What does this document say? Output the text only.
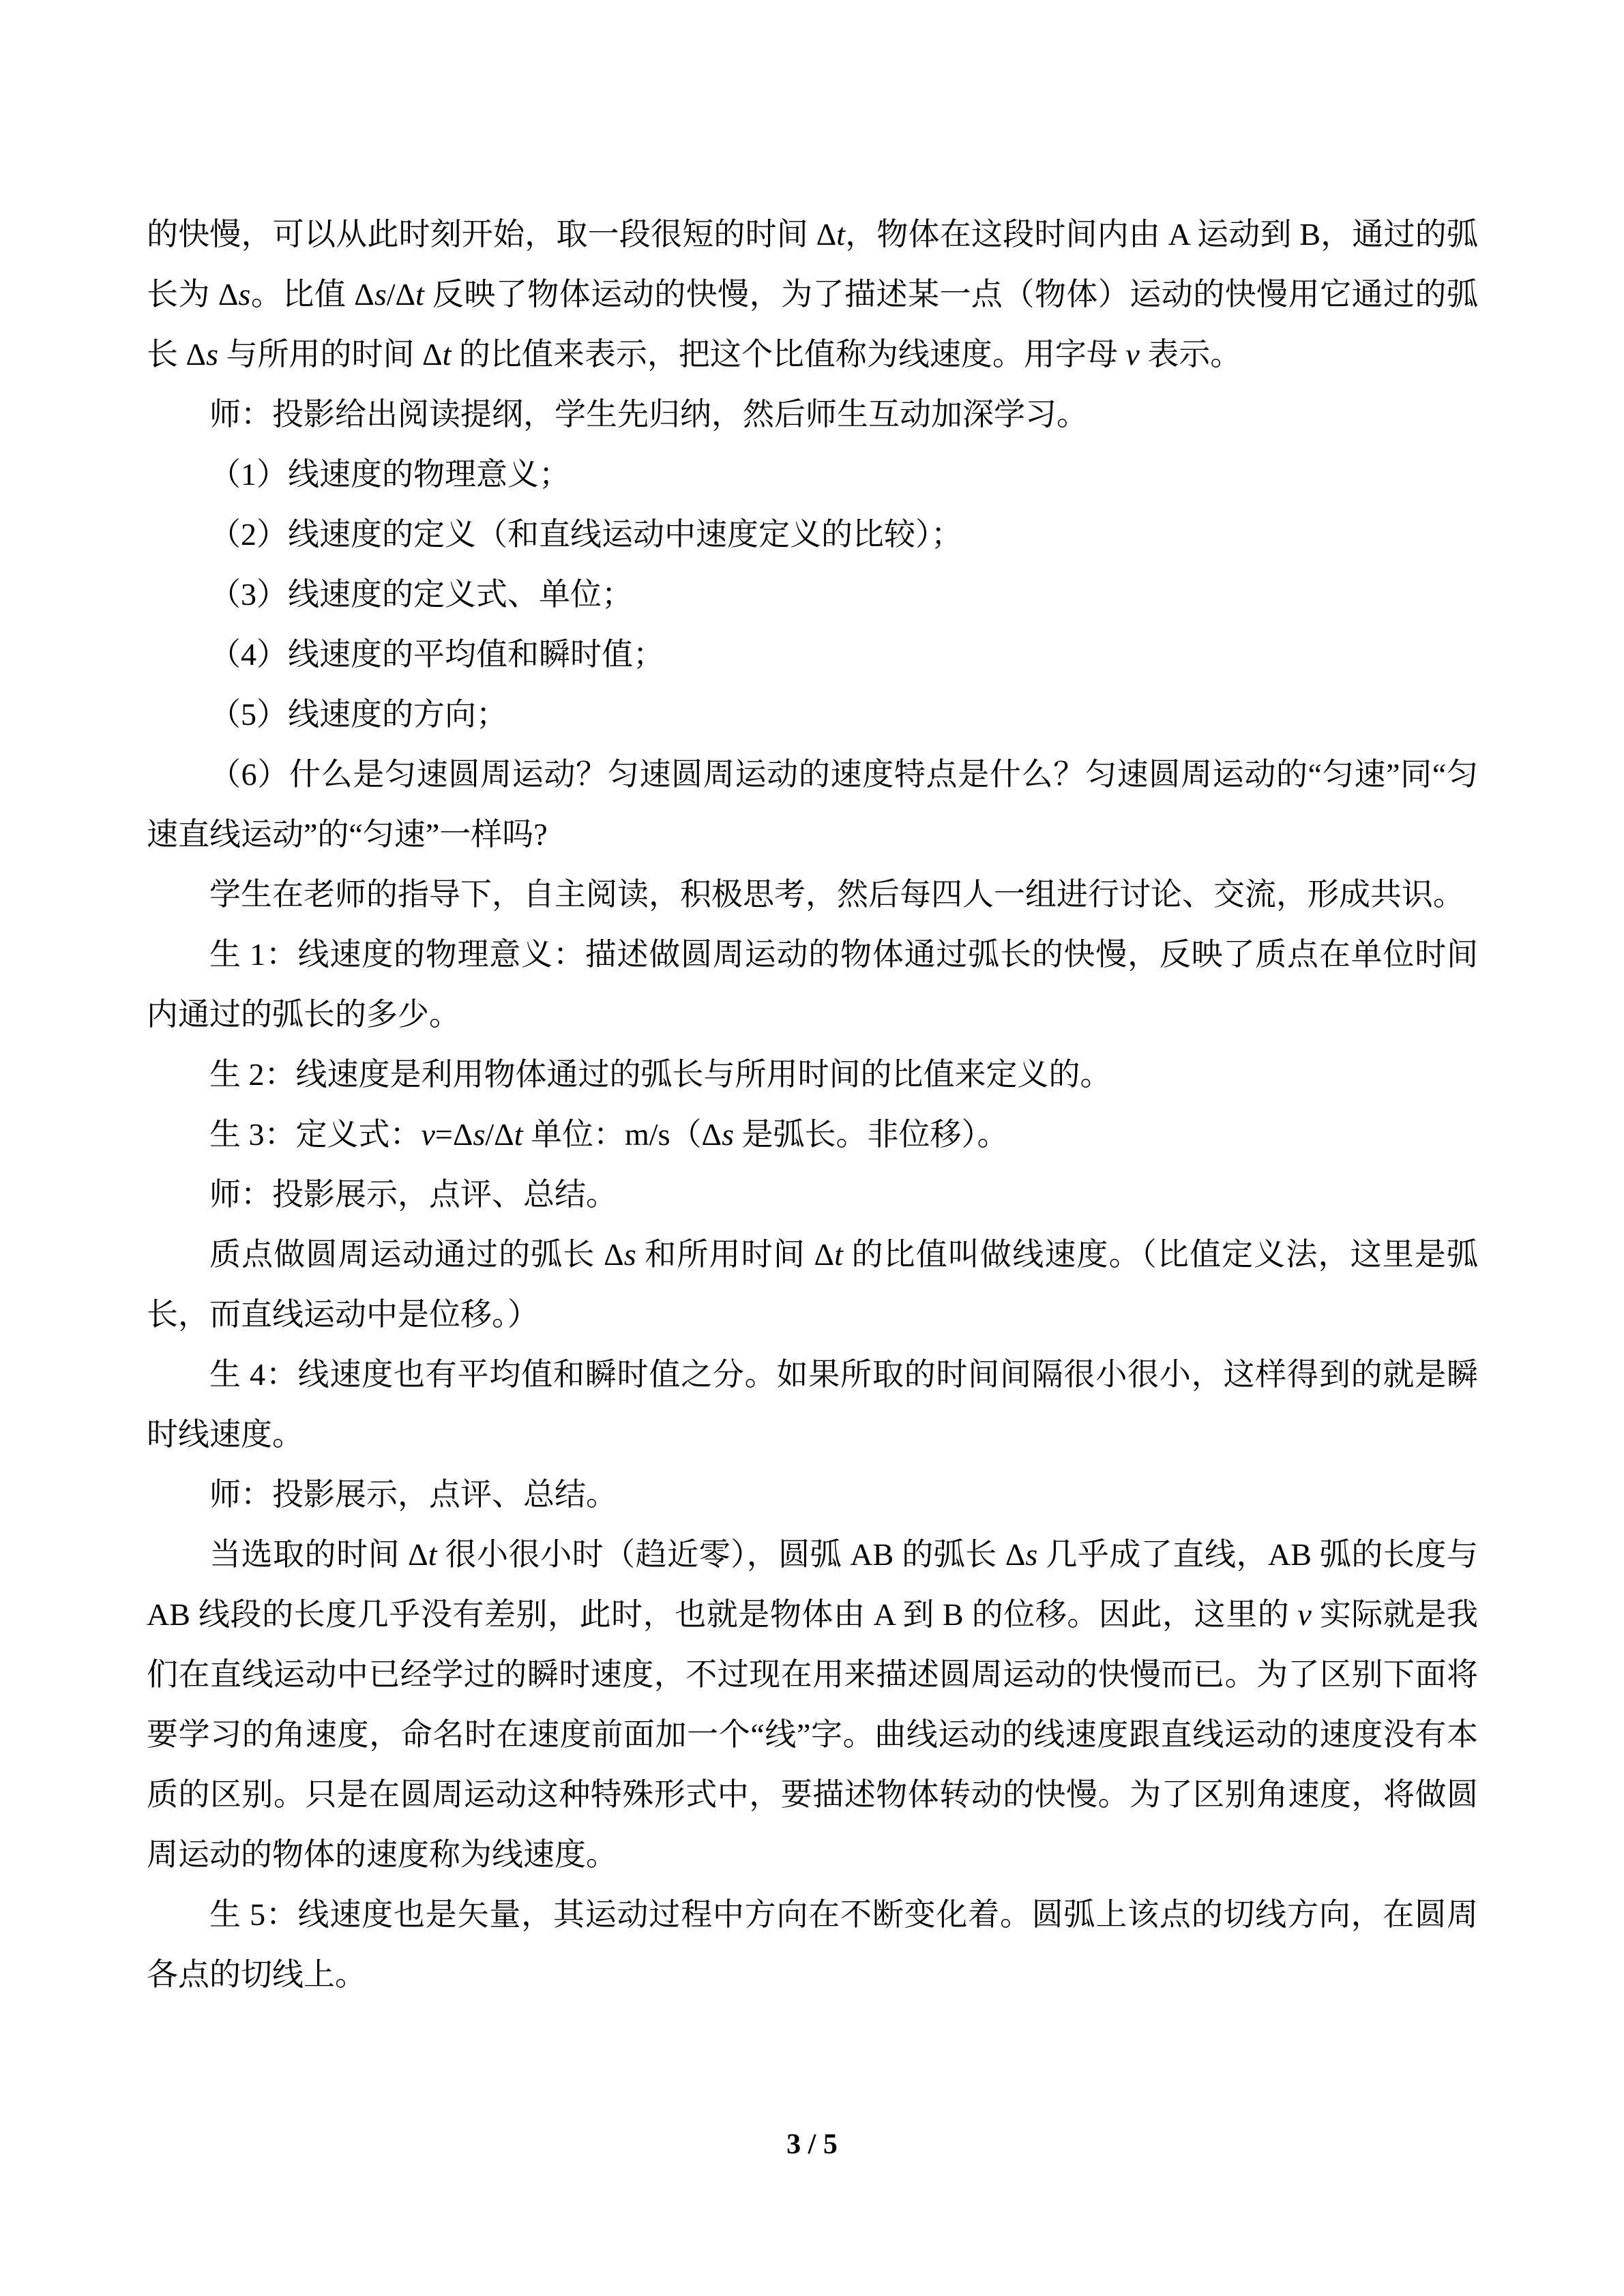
的快慢，可以从此时刻开始，取一段很短的时间 Δt，物体在这段时间内由 A 运动到 B，通过的弧长为 Δs。比值 Δs/Δt 反映了物体运动的快慢，为了描述某一点（物体）运动的快慢用它通过的弧长 Δs 与所用的时间 Δt 的比值来表示，把这个比值称为线速度。用字母 v 表示。

师：投影给出阅读提纲，学生先归纳，然后师生互动加深学习。

（1）线速度的物理意义；

（2）线速度的定义（和直线运动中速度定义的比较）；

（3）线速度的定义式、单位；

（4）线速度的平均值和瞬时值；

（5）线速度的方向；

（6）什么是匀速圆周运动？匀速圆周运动的速度特点是什么？匀速圆周运动的“匀速”同“匀速直线运动”的“匀速”一样吗?

学生在老师的指导下，自主阅读，积极思考，然后每四人一组进行讨论、交流，形成共识。

生 1：线速度的物理意义：描述做圆周运动的物体通过弧长的快慢，反映了质点在单位时间内通过的弧长的多少。

生 2：线速度是利用物体通过的弧长与所用时间的比值来定义的。

生 3：定义式：v=Δs/Δt 单位：m/s（Δs 是弧长。非位移）。

师：投影展示，点评、总结。

质点做圆周运动通过的弧长 Δs 和所用时间 Δt 的比值叫做线速度。（比值定义法，这里是弧长，而直线运动中是位移。）

生 4：线速度也有平均值和瞬时值之分。如果所取的时间间隔很小很小，这样得到的就是瞬时线速度。

师：投影展示，点评、总结。

当选取的时间 Δt 很小很小时（趋近零），圆弧 AB 的弧长 Δs 几乎成了直线，AB 弧的长度与 AB 线段的长度几乎没有差别，此时，也就是物体由 A 到 B 的位移。因此，这里的 v 实际就是我们在直线运动中已经学过的瞬时速度，不过现在用来描述圆周运动的快慢而已。为了区别下面将要学习的角速度，命名时在速度前面加一个“线”字。曲线运动的线速度跟直线运动的速度没有本质的区别。只是在圆周运动这种特殊形式中，要描述物体转动的快慢。为了区别角速度，将做圆周运动的物体的速度称为线速度。

生 5：线速度也是矢量，其运动过程中方向在不断变化着。圆弧上该点的切线方向，在圆周各点的切线上。

3 / 5
